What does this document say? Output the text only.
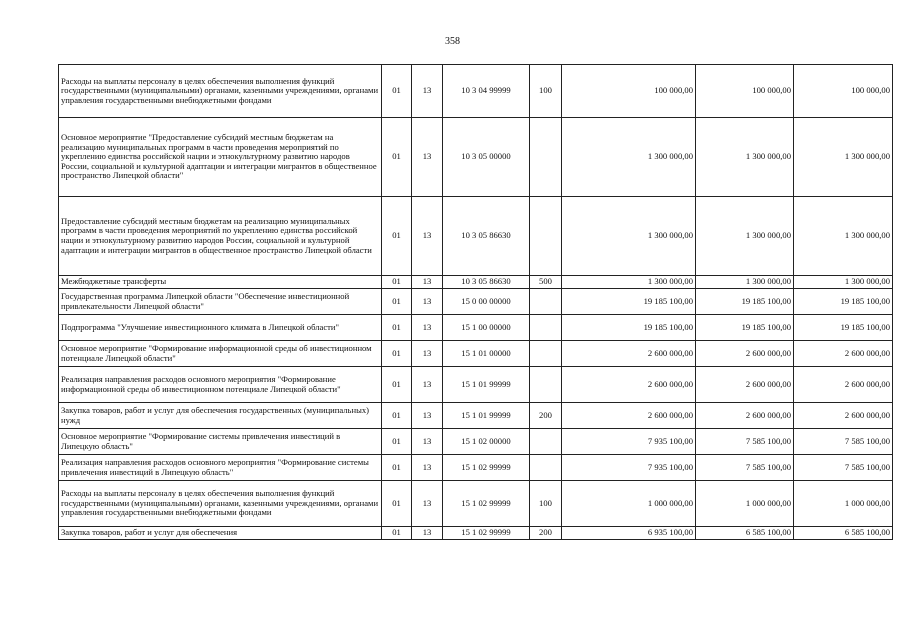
358
Расходы на выплаты персоналу в целях обеспечения выполнения функций государственными (муниципальными) органами, казенными учреждениями, органами управления государственными внебюджетными фондами	01	13	10 3 04 99999	100	100 000,00	100 000,00	100 000,00
Основное мероприятие "Предоставление субсидий местным бюджетам на реализацию муниципальных программ в части проведения мероприятий по укреплению единства российской нации и этнокультурному развитию народов России, социальной и культурной адаптации и интеграции мигрантов в общественное пространство Липецкой области"	01	13	10 3 05 00000		1 300 000,00	1 300 000,00	1 300 000,00
Предоставление субсидий местным бюджетам на реализацию муниципальных программ в части проведения мероприятий по укреплению единства российской нации и этнокультурному развитию народов России, социальной и культурной адаптации и интеграции мигрантов в общественное пространство Липецкой области	01	13	10 3 05 86630		1 300 000,00	1 300 000,00	1 300 000,00
Межбюджетные трансферты	01	13	10 3 05 86630	500	1 300 000,00	1 300 000,00	1 300 000,00
Государственная программа Липецкой области "Обеспечение инвестиционной привлекательности Липецкой области"	01	13	15 0 00 00000		19 185 100,00	19 185 100,00	19 185 100,00
Подпрограмма "Улучшение инвестиционного климата в Липецкой области"	01	13	15 1 00 00000		19 185 100,00	19 185 100,00	19 185 100,00
Основное мероприятие "Формирование информационной среды об инвестиционном потенциале Липецкой области"	01	13	15 1 01 00000		2 600 000,00	2 600 000,00	2 600 000,00
Реализация направления расходов основного мероприятия "Формирование информационной среды об инвестиционном потенциале Липецкой области"	01	13	15 1 01 99999		2 600 000,00	2 600 000,00	2 600 000,00
Закупка товаров, работ и услуг для обеспечения государственных (муниципальных) нужд	01	13	15 1 01 99999	200	2 600 000,00	2 600 000,00	2 600 000,00
Основное мероприятие "Формирование системы привлечения инвестиций в Липецкую область"	01	13	15 1 02 00000		7 935 100,00	7 585 100,00	7 585 100,00
Реализация направления расходов основного мероприятия "Формирование системы привлечения инвестиций в Липецкую область"	01	13	15 1 02 99999		7 935 100,00	7 585 100,00	7 585 100,00
Расходы на выплаты персоналу в целях обеспечения выполнения функций государственными (муниципальными) органами, казенными учреждениями, органами управления государственными внебюджетными фондами	01	13	15 1 02 99999	100	1 000 000,00	1 000 000,00	1 000 000,00
Закупка товаров, работ и услуг для обеспечения	01	13	15 1 02 99999	200	6 935 100,00	6 585 100,00	6 585 100,00
